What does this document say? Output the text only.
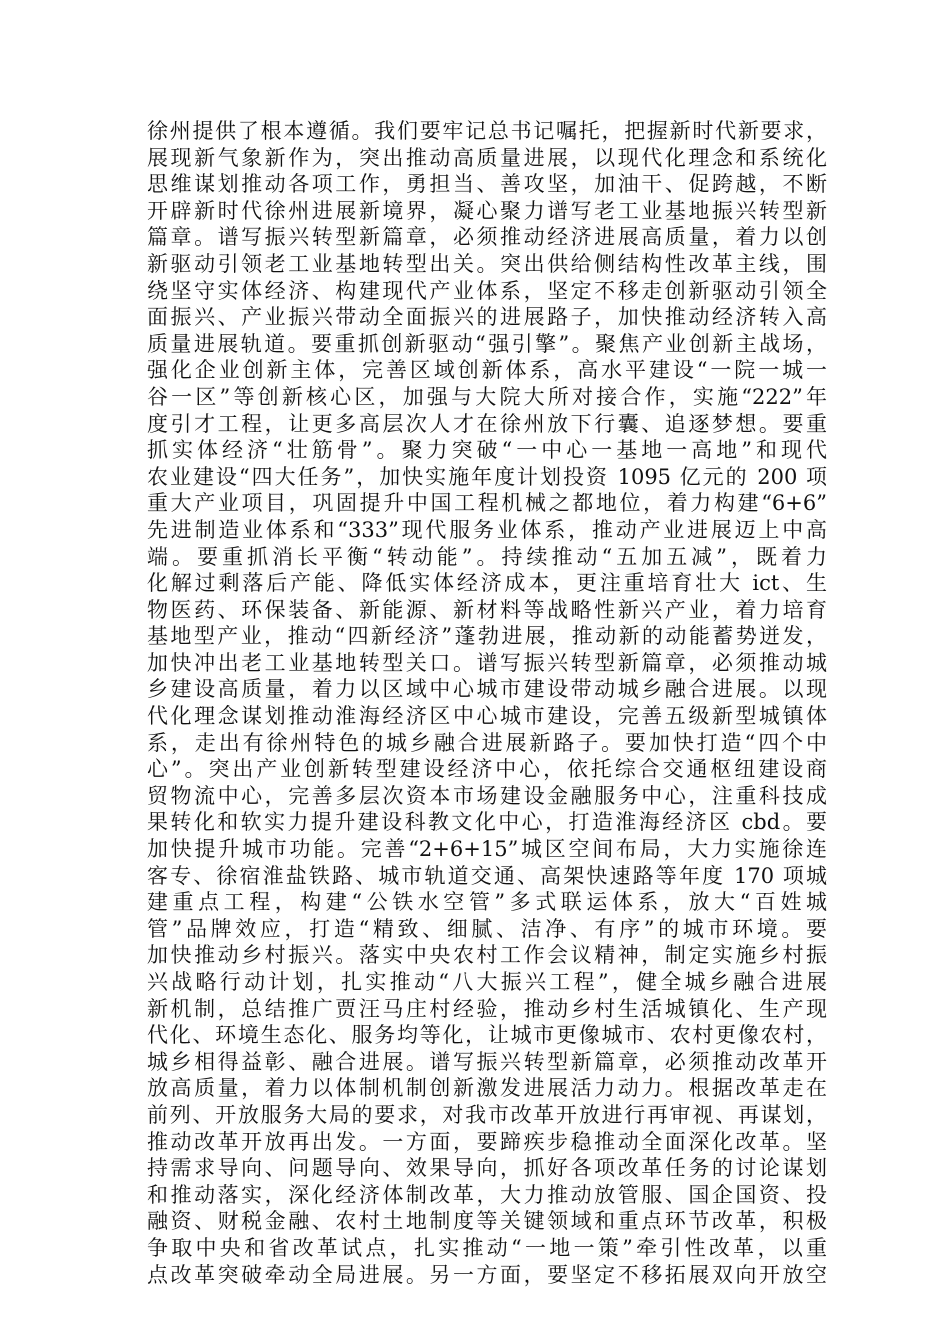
徐州提供了根本遵循。我们要牢记总书记嘱托，把握新时代新要求，
展现新气象新作为，突出推动高质量进展，以现代化理念和系统化
思维谋划推动各项工作，勇担当、善攻坚，加油干、促跨越，不断
开辟新时代徐州进展新境界，凝心聚力谱写老工业基地振兴转型新
篇章。谱写振兴转型新篇章，必须推动经济进展高质量，着力以创
新驱动引领老工业基地转型出关。突出供给侧结构性改革主线，围
绕坚守实体经济、构建现代产业体系，坚定不移走创新驱动引领全
面振兴、产业振兴带动全面振兴的进展路子，加快推动经济转入高
质量进展轨道。要重抓创新驱动“强引擎”。聚焦产业创新主战场，
强化企业创新主体，完善区域创新体系，高水平建设“一院一城一
谷一区”等创新核心区，加强与大院大所对接合作，实施“222”年
度引才工程，让更多高层次人才在徐州放下行囊、追逐梦想。要重
抓实体经济“壮筋骨”。聚力突破“一中心一基地一高地”和现代
农业建设“四大任务”，加快实施年度计划投资 1095 亿元的 200 项
重大产业项目，巩固提升中国工程机械之都地位，着力构建“6+6”
先进制造业体系和“333”现代服务业体系，推动产业进展迈上中高
端。要重抓消长平衡“转动能”。持续推动“五加五减”，既着力
化解过剩落后产能、降低实体经济成本，更注重培育壮大 ict、生
物医药、环保装备、新能源、新材料等战略性新兴产业，着力培育
基地型产业，推动“四新经济”蓬勃进展，推动新的动能蓄势迸发，
加快冲出老工业基地转型关口。谱写振兴转型新篇章，必须推动城
乡建设高质量，着力以区域中心城市建设带动城乡融合进展。以现
代化理念谋划推动淮海经济区中心城市建设，完善五级新型城镇体
系，走出有徐州特色的城乡融合进展新路子。要加快打造“四个中
心”。突出产业创新转型建设经济中心，依托综合交通枢纽建设商
贸物流中心，完善多层次资本市场建设金融服务中心，注重科技成
果转化和软实力提升建设科教文化中心，打造淮海经济区 cbd。要
加快提升城市功能。完善“2+6+15”城区空间布局，大力实施徐连
客专、徐宿淮盐铁路、城市轨道交通、高架快速路等年度 170 项城
建重点工程，构建“公铁水空管”多式联运体系，放大“百姓城
管”品牌效应，打造“精致、细腻、洁净、有序”的城市环境。要
加快推动乡村振兴。落实中央农村工作会议精神，制定实施乡村振
兴战略行动计划，扎实推动“八大振兴工程”，健全城乡融合进展
新机制，总结推广贾汪马庄村经验，推动乡村生活城镇化、生产现
代化、环境生态化、服务均等化，让城市更像城市、农村更像农村，
城乡相得益彰、融合进展。谱写振兴转型新篇章，必须推动改革开
放高质量，着力以体制机制创新激发进展活力动力。根据改革走在
前列、开放服务大局的要求，对我市改革开放进行再审视、再谋划，
推动改革开放再出发。一方面，要蹄疾步稳推动全面深化改革。坚
持需求导向、问题导向、效果导向，抓好各项改革任务的讨论谋划
和推动落实，深化经济体制改革，大力推动放管服、国企国资、投
融资、财税金融、农村土地制度等关键领域和重点环节改革，积极
争取中央和省改革试点，扎实推动“一地一策”牵引性改革，以重
点改革突破牵动全局进展。另一方面，要坚定不移拓展双向开放空
